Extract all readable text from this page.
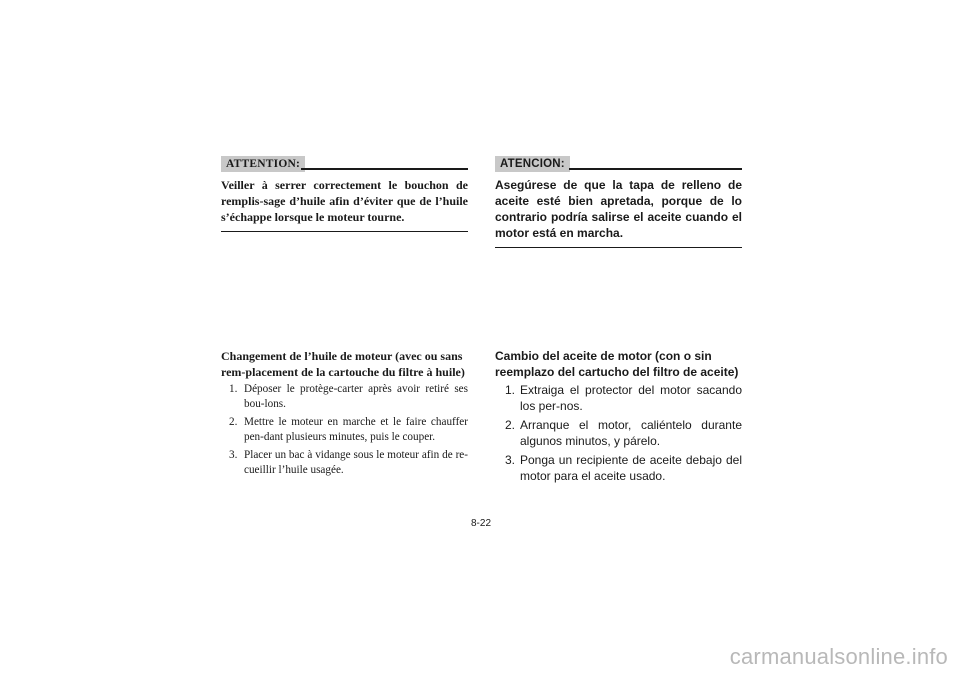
ATTENTION:
Veiller à serrer correctement le bouchon de remplis-sage d’huile afin d’éviter que de l’huile s’échappe lorsque le moteur tourne.
Changement de l’huile de moteur (avec ou sans rem-placement de la cartouche du filtre à huile)
1. Déposer le protège-carter après avoir retiré ses bou-lons.
2. Mettre le moteur en marche et le faire chauffer pen-dant plusieurs minutes, puis le couper.
3. Placer un bac à vidange sous le moteur afin de re-cueillir l’huile usagée.
ATENCION:
Asegúrese de que la tapa de relleno de aceite esté bien apretada, porque de lo contrario podría salirse el aceite cuando el motor está en marcha.
Cambio del aceite de motor (con o sin reemplazo del cartucho del filtro de aceite)
1. Extraiga el protector del motor sacando los per-nos.
2. Arranque el motor, caliéntelo durante algunos minutos, y párelo.
3. Ponga un recipiente de aceite debajo del motor para el aceite usado.
8-22
carmanualsonline.info
